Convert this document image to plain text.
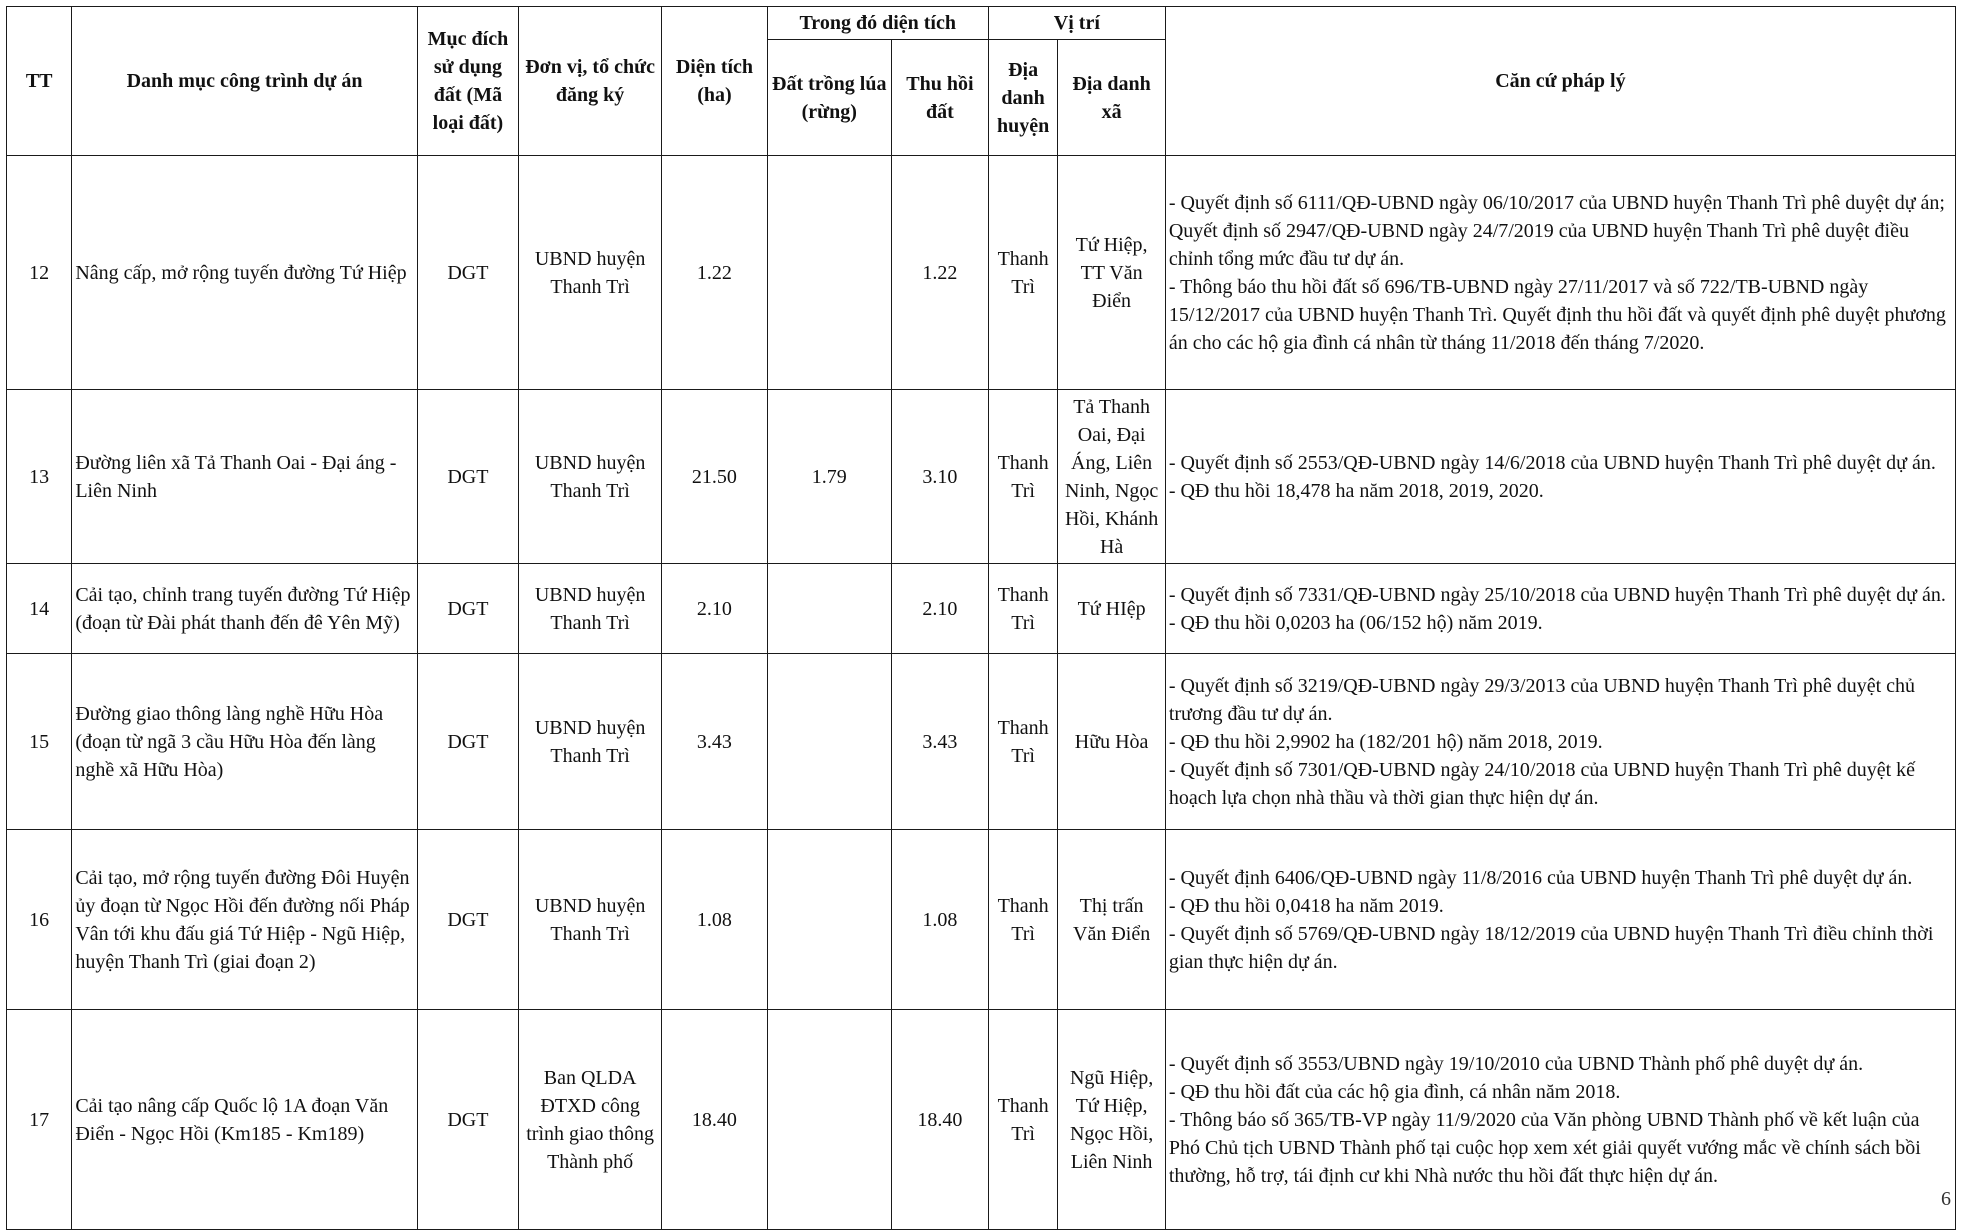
TT	Danh mục công trình dự án	Mục đích sử dụng đất (Mã loại đất)	Đơn vị, tổ chức đăng ký	Diện tích (ha)	Trong đó diện tích		Vị trí		Căn cứ pháp lý
					Đất trồng lúa (rừng)	Thu hồi đất	Địa danh huyện	Địa danh xã	
12	Nâng cấp, mở rộng tuyến đường Tứ Hiệp	DGT	UBND huyện Thanh Trì	1.22		1.22	Thanh Trì	Tứ Hiệp, TT Văn Điển	- Quyết định số 6111/QĐ-UBND ngày 06/10/2017 của UBND huyện Thanh Trì phê duyệt dự án; Quyết định số 2947/QĐ-UBND ngày 24/7/2019 của UBND huyện Thanh Trì phê duyệt điều chỉnh tổng mức đầu tư dự án.
- Thông báo thu hồi đất số 696/TB-UBND ngày 27/11/2017 và số 722/TB-UBND ngày 15/12/2017 của UBND huyện Thanh Trì. Quyết định thu hồi đất và quyết định phê duyệt phương án cho các hộ gia đình cá nhân từ tháng 11/2018 đến tháng 7/2020.

13	Đường liên xã Tả Thanh Oai - Đại áng - Liên Ninh	DGT	UBND huyện Thanh Trì	21.50	1.79	3.10	Thanh Trì	Tả Thanh Oai, Đại Áng, Liên Ninh, Ngọc Hồi, Khánh Hà	- Quyết định số 2553/QĐ-UBND ngày 14/6/2018 của UBND huyện Thanh Trì phê duyệt dự án.
- QĐ thu hồi 18,478 ha năm 2018, 2019, 2020.

14	Cải tạo, chỉnh trang tuyến đường Tứ Hiệp (đoạn từ Đài phát thanh đến đê Yên Mỹ)	DGT	UBND huyện Thanh Trì	2.10		2.10	Thanh Trì	Tứ HIệp	- Quyết định số 7331/QĐ-UBND ngày 25/10/2018 của UBND huyện Thanh Trì phê duyệt dự án.
- QĐ thu hồi 0,0203 ha (06/152 hộ) năm 2019.

15	Đường giao thông làng nghề Hữu Hòa (đoạn từ ngã 3 cầu Hữu Hòa đến làng nghề xã Hữu Hòa)	DGT	UBND huyện Thanh Trì	3.43		3.43	Thanh Trì	Hữu Hòa	- Quyết định số 3219/QĐ-UBND ngày 29/3/2013 của UBND huyện Thanh Trì phê duyệt chủ trương đầu tư dự án.
- QĐ thu hồi 2,9902 ha (182/201 hộ) năm 2018, 2019.
- Quyết định số 7301/QĐ-UBND ngày 24/10/2018 của UBND huyện Thanh Trì phê duyệt kế hoạch lựa chọn nhà thầu và thời gian thực hiện dự án.

16	Cải tạo, mở rộng tuyến đường Đôi Huyện ủy đoạn từ Ngọc Hồi đến đường nối Pháp Vân tới khu đấu giá Tứ Hiệp - Ngũ Hiệp, huyện Thanh Trì (giai đoạn 2)	DGT	UBND huyện Thanh Trì	1.08		1.08	Thanh Trì	Thị trấn Văn Điển	- Quyết định 6406/QĐ-UBND ngày 11/8/2016 của UBND huyện Thanh Trì phê duyệt dự án.
- QĐ thu hồi 0,0418 ha năm 2019.
- Quyết định số 5769/QĐ-UBND ngày 18/12/2019 của UBND huyện Thanh Trì điều chỉnh thời gian thực hiện dự án.

17	Cải tạo nâng cấp Quốc lộ 1A đoạn Văn Điển - Ngọc Hồi (Km185 - Km189)	DGT	Ban QLDA ĐTXD công trình giao thông Thành phố	18.40		18.40	Thanh Trì	Ngũ Hiệp, Tứ Hiệp, Ngọc Hồi, Liên Ninh	- Quyết định số 3553/UBND ngày 19/10/2010 của UBND Thành phố phê duyệt dự án.
- QĐ thu hồi đất của các hộ gia đình, cá nhân năm 2018.
- Thông báo số 365/TB-VP ngày 11/9/2020 của Văn phòng UBND Thành phố về kết luận của Phó Chủ tịch UBND Thành phố tại cuộc họp xem xét giải quyết vướng mắc về chính sách bồi thường, hỗ trợ, tái định cư khi Nhà nước thu hồi đất thực hiện dự án.
6
